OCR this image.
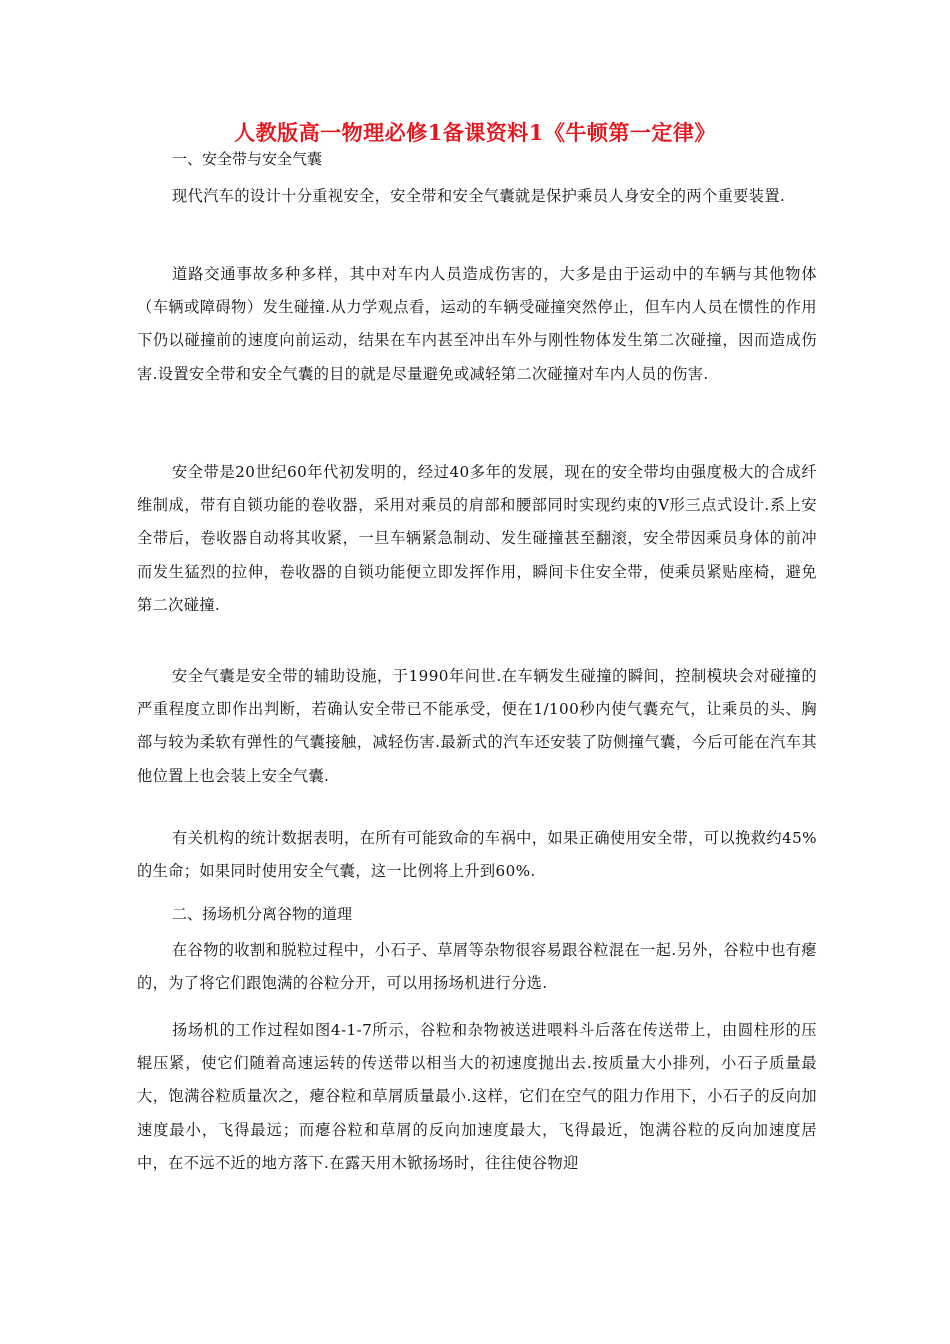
人教版高一物理必修1备课资料1《牛顿第一定律》
一、安全带与安全气囊
现代汽车的设计十分重视安全，安全带和安全气囊就是保护乘员人身安全的两个重要装置.
道路交通事故多种多样，其中对车内人员造成伤害的，大多是由于运动中的车辆与其他物体（车辆或障碍物）发生碰撞.从力学观点看，运动的车辆受碰撞突然停止，但车内人员在惯性的作用下仍以碰撞前的速度向前运动，结果在车内甚至冲出车外与刚性物体发生第二次碰撞，因而造成伤害.设置安全带和安全气囊的目的就是尽量避免或减轻第二次碰撞对车内人员的伤害.
安全带是20世纪60年代初发明的，经过40多年的发展，现在的安全带均由强度极大的合成纤维制成，带有自锁功能的卷收器，采用对乘员的肩部和腰部同时实现约束的V形三点式设计.系上安全带后，卷收器自动将其收紧，一旦车辆紧急制动、发生碰撞甚至翻滚，安全带因乘员身体的前冲而发生猛烈的拉伸，卷收器的自锁功能便立即发挥作用，瞬间卡住安全带，使乘员紧贴座椅，避免第二次碰撞.
安全气囊是安全带的辅助设施，于1990年问世.在车辆发生碰撞的瞬间，控制模块会对碰撞的严重程度立即作出判断，若确认安全带已不能承受，便在1/100秒内使气囊充气，让乘员的头、胸部与较为柔软有弹性的气囊接触，减轻伤害.最新式的汽车还安装了防侧撞气囊，今后可能在汽车其他位置上也会装上安全气囊.
有关机构的统计数据表明，在所有可能致命的车祸中，如果正确使用安全带，可以挽救约45%的生命；如果同时使用安全气囊，这一比例将上升到60%.
二、扬场机分离谷物的道理
在谷物的收割和脱粒过程中，小石子、草屑等杂物很容易跟谷粒混在一起.另外，谷粒中也有瘪的，为了将它们跟饱满的谷粒分开，可以用扬场机进行分选.
扬场机的工作过程如图4-1-7所示，谷粒和杂物被送进喂料斗后落在传送带上，由圆柱形的压辊压紧，使它们随着高速运转的传送带以相当大的初速度抛出去.按质量大小排列，小石子质量最大，饱满谷粒质量次之，瘪谷粒和草屑质量最小.这样，它们在空气的阻力作用下，小石子的反向加速度最小，飞得最远；而瘪谷粒和草屑的反向加速度最大，飞得最近，饱满谷粒的反向加速度居中，在不远不近的地方落下.在露天用木锨扬场时，往往使谷物迎
